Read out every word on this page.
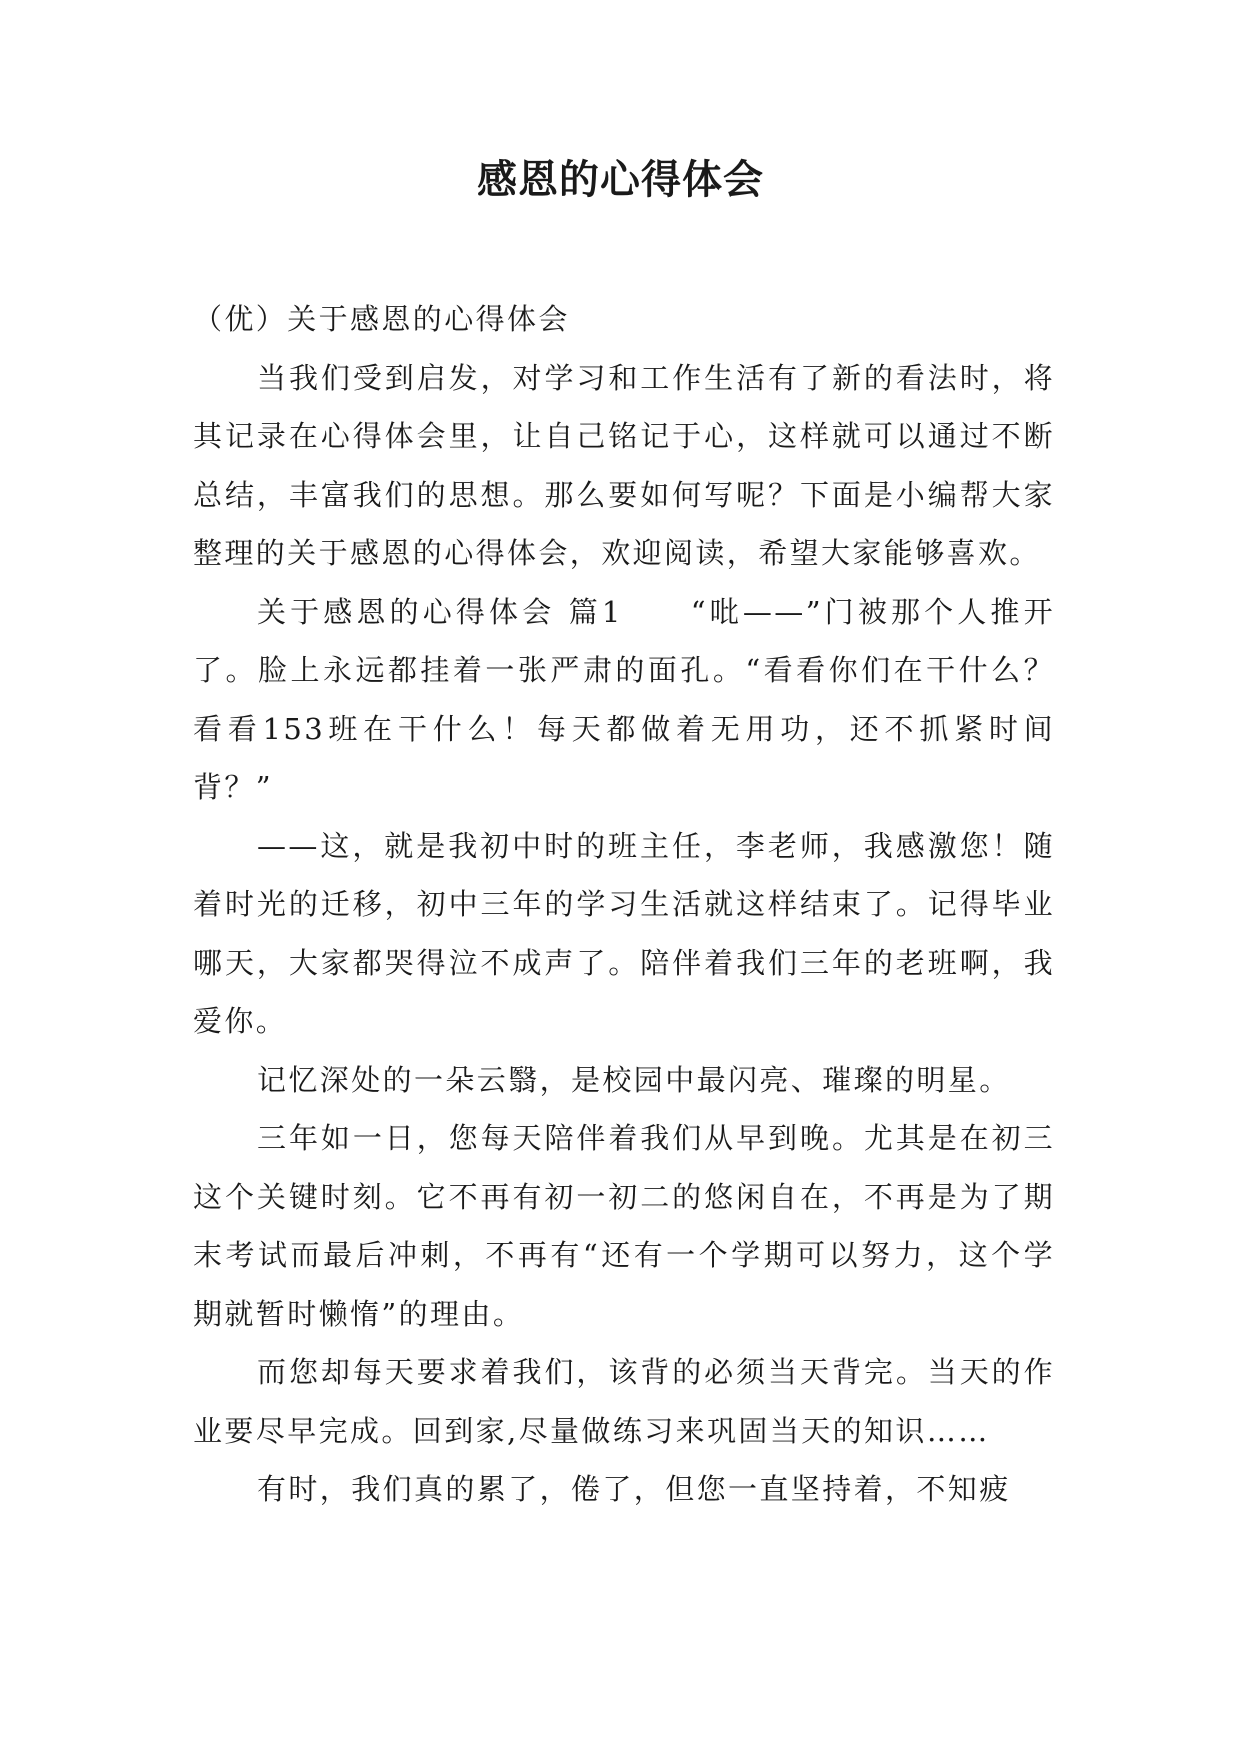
感恩的心得体会

（优）关于感恩的心得体会

当我们受到启发，对学习和工作生活有了新的看法时，将其记录在心得体会里，让自己铭记于心，这样就可以通过不断总结，丰富我们的思想。那么要如何写呢？下面是小编帮大家整理的关于感恩的心得体会，欢迎阅读，希望大家能够喜欢。

关于感恩的心得体会 篇1　　“吡——”门被那个人推开了。脸上永远都挂着一张严肃的面孔。“看看你们在干什么？看看153班在干什么！每天都做着无用功，还不抓紧时间背？”

——这，就是我初中时的班主任，李老师，我感激您！随着时光的迁移，初中三年的学习生活就这样结束了。记得毕业哪天，大家都哭得泣不成声了。陪伴着我们三年的老班啊，我爱你。

记忆深处的一朵云翳，是校园中最闪亮、璀璨的明星。

三年如一日，您每天陪伴着我们从早到晚。尤其是在初三这个关键时刻。它不再有初一初二的悠闲自在，不再是为了期末考试而最后冲刺，不再有“还有一个学期可以努力，这个学期就暂时懒惰”的理由。

而您却每天要求着我们，该背的必须当天背完。当天的作业要尽早完成。回到家,尽量做练习来巩固当天的知识……

有时，我们真的累了，倦了，但您一直坚持着，不知疲
